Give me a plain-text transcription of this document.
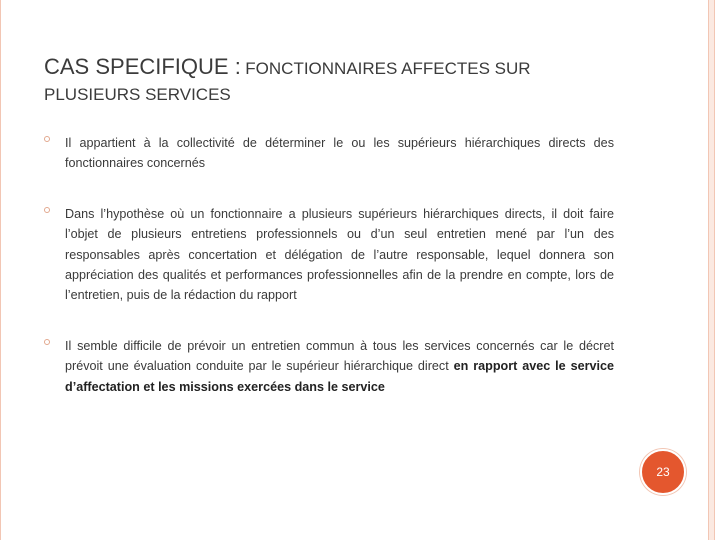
CAS SPECIFIQUE : FONCTIONNAIRES AFFECTES SUR
PLUSIEURS SERVICES
Il appartient à la collectivité de déterminer le ou les supérieurs hiérarchiques directs des fonctionnaires concernés
Dans l’hypothèse où un fonctionnaire a plusieurs supérieurs hiérarchiques directs, il doit faire l’objet de plusieurs entretiens professionnels ou d’un seul entretien mené par l’un des responsables après concertation et délégation de l’autre responsable, lequel donnera son appréciation des qualités et performances professionnelles afin de la prendre en compte, lors de l’entretien, puis de la rédaction du rapport
Il semble difficile de prévoir un entretien commun à tous les services concernés car le décret prévoit une évaluation conduite par le supérieur hiérarchique direct en rapport avec le service d’affectation et les missions exercées dans le service
23
